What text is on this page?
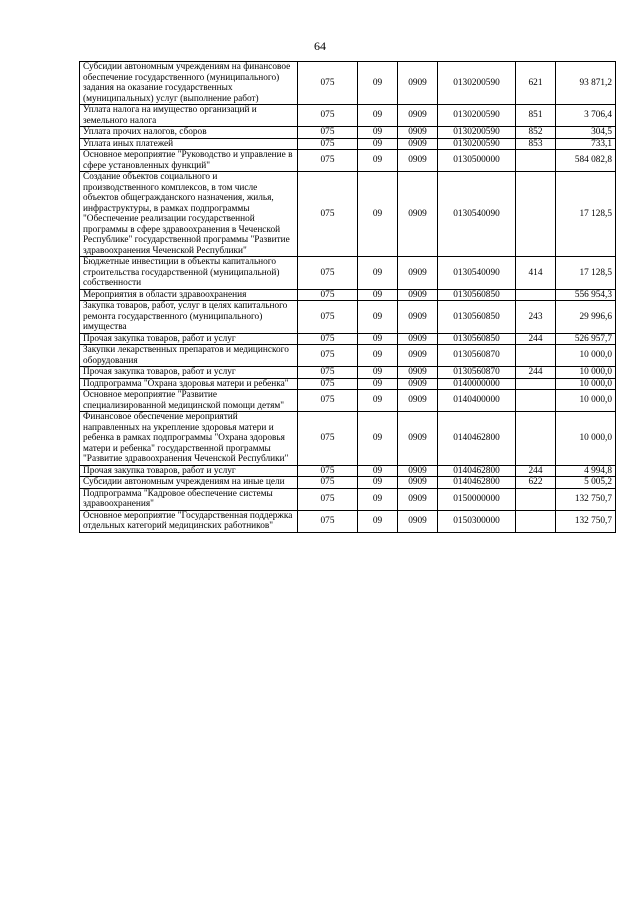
64
Субсидии автономным учреждениям на финансовое обеспечение государственного (муниципального) задания на оказание государственных (муниципальных) услуг (выполнение работ)	075	09	0909	0130200590	621	93 871,2
Уплата налога на имущество организаций и земельного налога	075	09	0909	0130200590	851	3 706,4
Уплата прочих налогов, сборов	075	09	0909	0130200590	852	304,5
Уплата иных платежей	075	09	0909	0130200590	853	733,1
Основное мероприятие "Руководство и управление в сфере установленных функций"	075	09	0909	0130500000		584 082,8
Создание объектов социального и производственного комплексов, в том числе объектов общегражданского назначения, жилья, инфраструктуры, в рамках подпрограммы "Обеспечение реализации государственной программы в сфере здравоохранения в Чеченской Республике" государственной программы "Развитие здравоохранения Чеченской Республики"	075	09	0909	0130540090		17 128,5
Бюджетные инвестиции в объекты капитального строительства государственной (муниципальной) собственности	075	09	0909	0130540090	414	17 128,5
Мероприятия в области здравоохранения	075	09	0909	0130560850		556 954,3
Закупка товаров, работ, услуг в целях капитального ремонта государственного (муниципального) имущества	075	09	0909	0130560850	243	29 996,6
Прочая закупка товаров, работ и услуг	075	09	0909	0130560850	244	526 957,7
Закупки лекарственных препаратов и медицинского оборудования	075	09	0909	0130560870		10 000,0
Прочая закупка товаров, работ и услуг	075	09	0909	0130560870	244	10 000,0
Подпрограмма "Охрана здоровья матери и ребенка"	075	09	0909	0140000000		10 000,0
Основное мероприятие "Развитие специализированной медицинской помощи детям"	075	09	0909	0140400000		10 000,0
Финансовое обеспечение мероприятий направленных на укрепление здоровья матери и ребенка в рамках подпрограммы "Охрана здоровья матери и ребенка" государственной программы "Развитие здравоохранения Чеченской Республики"	075	09	0909	0140462800		10 000,0
Прочая закупка товаров, работ и услуг	075	09	0909	0140462800	244	4 994,8
Субсидии автономным учреждениям на иные цели	075	09	0909	0140462800	622	5 005,2
Подпрограмма "Кадровое обеспечение системы здравоохранения"	075	09	0909	0150000000		132 750,7
Основное мероприятие "Государственная поддержка отдельных категорий медицинских работников"	075	09	0909	0150300000		132 750,7
